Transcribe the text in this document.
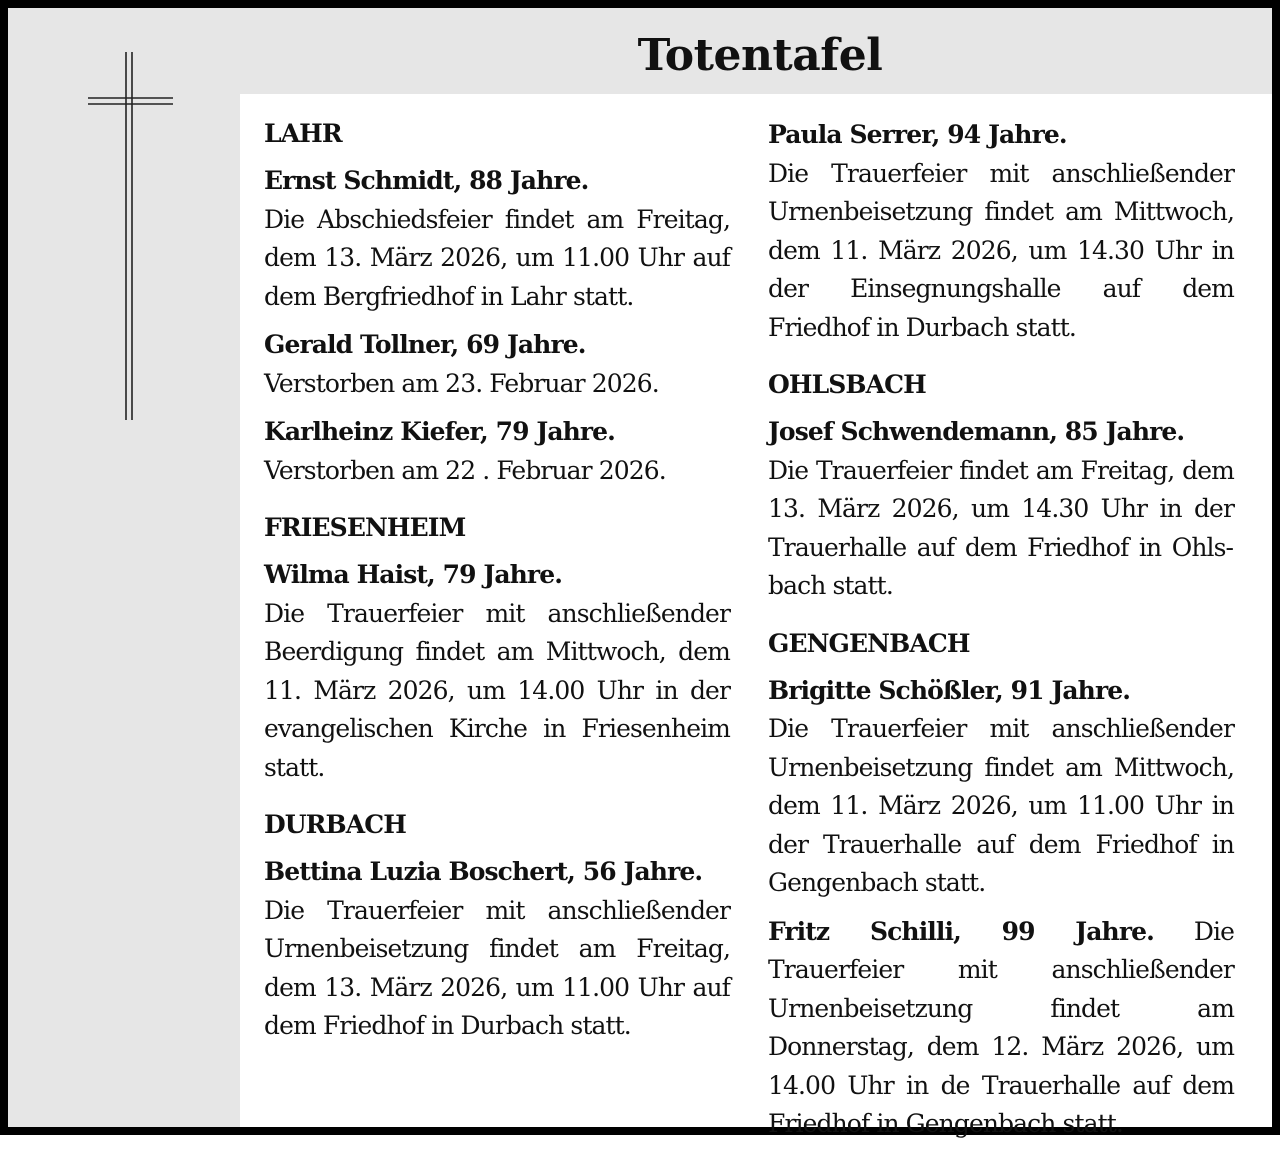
Totentafel
LAHR
Ernst Schmidt, 88 Jahre.
Die Abschiedsfeier findet am Freitag, dem 13. März 2026, um 11.00 Uhr auf dem Bergfriedhof in Lahr statt.
Gerald Tollner, 69 Jahre.
Verstorben am 23. Februar 2026.
Karlheinz Kiefer, 79 Jahre.
Verstorben am 22 . Februar 2026.
FRIESENHEIM
Wilma Haist, 79 Jahre.
Die Trauerfeier mit anschließender Beerdigung findet am Mittwoch, dem 11. März 2026, um 14.00 Uhr in der evangelischen Kirche in Friesenheim statt.
DURBACH
Bettina Luzia Boschert, 56 Jahre.
Die Trauerfeier mit anschließender Urnenbeisetzung findet am Freitag, dem 13. März 2026, um 11.00 Uhr auf dem Friedhof in Durbach statt.
Paula Serrer, 94 Jahre.
Die Trauerfeier mit anschließender Urnenbeisetzung findet am Mittwoch, dem 11. März 2026, um 14.30 Uhr in der Einsegnungshalle auf dem Friedhof in Durbach statt.
OHLSBACH
Josef Schwendemann, 85 Jahre.
Die Trauerfeier findet am Freitag, dem 13. März 2026, um 14.30 Uhr in der Trauerhalle auf dem Friedhof in Ohlsbach statt.
GENGENBACH
Brigitte Schößler, 91 Jahre.
Die Trauerfeier mit anschließender Urnenbeisetzung findet am Mittwoch, dem 11. März 2026, um 11.00 Uhr in der Trauerhalle auf dem Friedhof in Gengenbach statt.
Fritz Schilli, 99 Jahre. Die Trauerfeier mit anschließender Urnenbeisetzung findet am Donnerstag, dem 12. März 2026, um 14.00 Uhr in de Trauerhalle auf dem Friedhof in Gengenbach statt.
